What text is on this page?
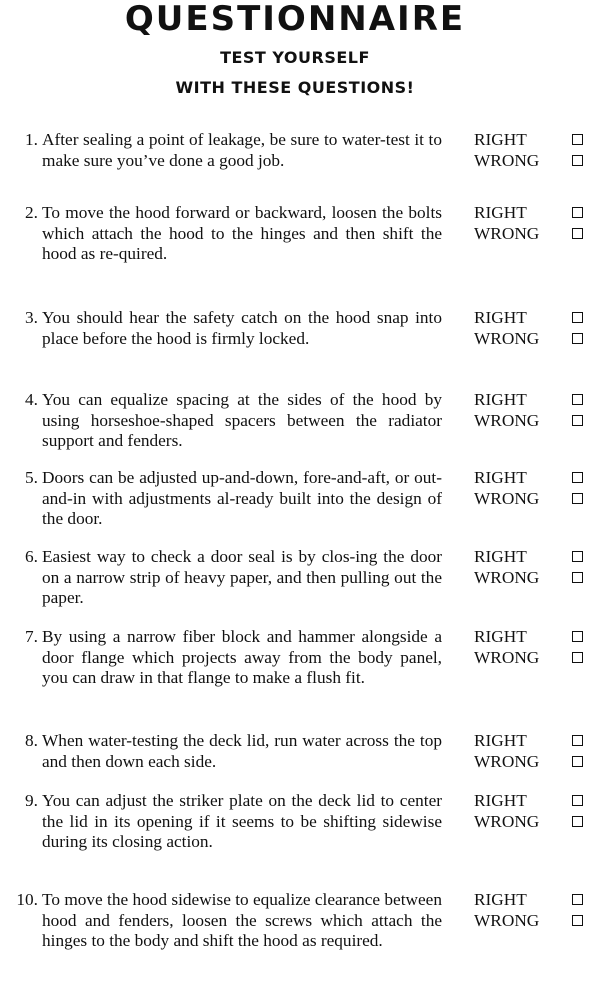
QUESTIONNAIRE
TEST YOURSELF
WITH THESE QUESTIONS!
1. After sealing a point of leakage, be sure to water-test it to make sure you’ve done a good job.

RIGHT
WRONG
2. To move the hood forward or backward, loosen the bolts which attach the hood to the hinges and then shift the hood as re-quired.

RIGHT
WRONG
3. You should hear the safety catch on the hood snap into place before the hood is firmly locked.

RIGHT
WRONG
4. You can equalize spacing at the sides of the hood by using horseshoe-shaped spacers between the radiator support and fenders.

RIGHT
WRONG
5. Doors can be adjusted up-and-down, fore-and-aft, or out-and-in with adjustments al-ready built into the design of the door.

RIGHT
WRONG
6. Easiest way to check a door seal is by clos-ing the door on a narrow strip of heavy paper, and then pulling out the paper.

RIGHT
WRONG
7. By using a narrow fiber block and hammer alongside a door flange which projects away from the body panel, you can draw in that flange to make a flush fit.

RIGHT
WRONG
8. When water-testing the deck lid, run water across the top and then down each side.

RIGHT
WRONG
9. You can adjust the striker plate on the deck lid to center the lid in its opening if it seems to be shifting sidewise during its closing action.

RIGHT
WRONG
10. To move the hood sidewise to equalize clearance between hood and fenders, loosen the screws which attach the hinges to the body and shift the hood as required.

RIGHT
WRONG
